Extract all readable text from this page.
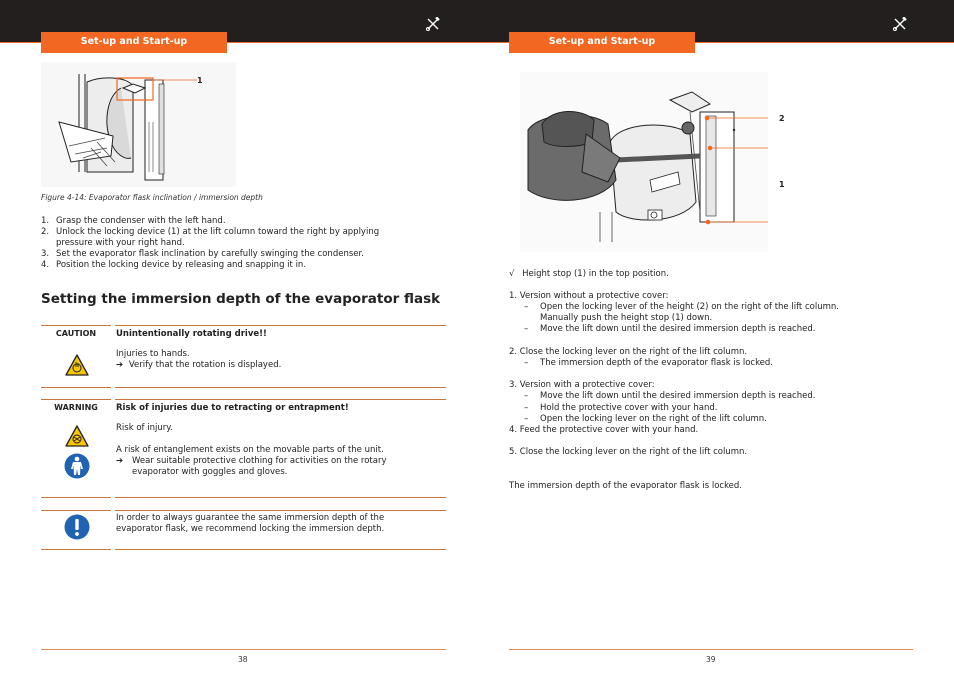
Set-up and Start-up	Set-up and Start-up
1
Figure 4-14: Evaporator flask inclination / immersion depth
1. Grasp the condenser with the left hand.
2. Unlock the locking device (1) at the lift column toward the right by applying pressure with your right hand.
3. Set the evaporator flask inclination by carefully swinging the condenser.
4. Position the locking device by releasing and snapping it in.
Setting the immersion depth of the evaporator flask
CAUTION	Unintentionally rotating drive!!
Injuries to hands.
➔ Verify that the rotation is displayed.
WARNING	Risk of injuries due to retracting or entrapment!
Risk of injury.
A risk of entanglement exists on the movable parts of the unit.
➔	Wear suitable protective clothing for activities on the rotary evaporator with goggles and gloves.
In order to always guarantee the same immersion depth of the evaporator flask, we recommend locking the immersion depth.
38
2
1
√ Height stop (1) in the top position.
1. Version without a protective cover:
– Open the locking lever of the height (2) on the right of the lift column. Manually push the height stop (1) down.
– Move the lift down until the desired immersion depth is reached.
2. Close the locking lever on the right of the lift column.
– The immersion depth of the evaporator flask is locked.
3. Version with a protective cover:
– Move the lift down until the desired immersion depth is reached.
– Hold the protective cover with your hand.
– Open the locking lever on the right of the lift column.
4. Feed the protective cover with your hand.
5. Close the locking lever on the right of the lift column.
The immersion depth of the evaporator flask is locked.
39
